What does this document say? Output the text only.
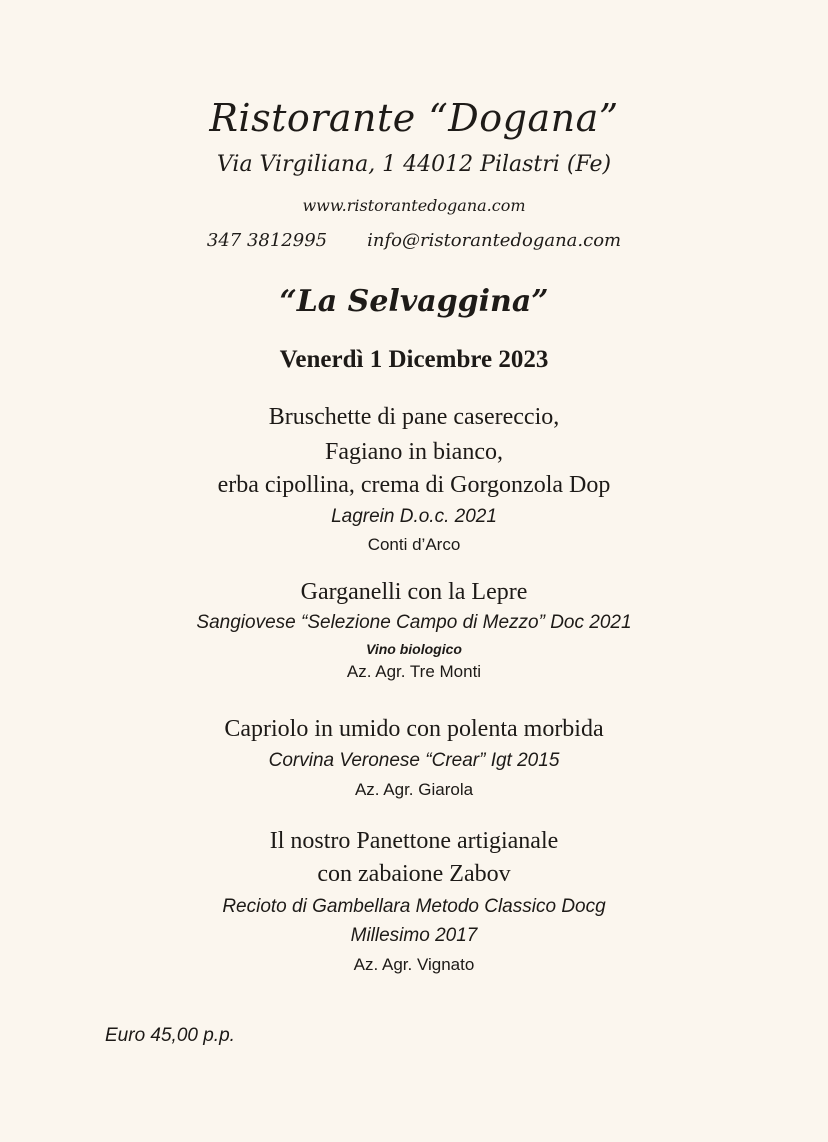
Ristorante “Dogana”
Via Virgiliana, 1 44012 Pilastri (Fe)
www.ristorantedogana.com
347 3812995 info@ristorantedogana.com
“La Selvaggina”
Venerdì 1 Dicembre 2023
Bruschette di pane casereccio,
Fagiano in bianco,
erba cipollina, crema di Gorgonzola Dop
Lagrein D.o.c. 2021
Conti d’Arco
Garganelli con la Lepre
Sangiovese “Selezione Campo di Mezzo” Doc 2021
Vino biologico
Az. Agr. Tre Monti
Capriolo in umido con polenta morbida
Corvina Veronese “Crear” Igt 2015
Az. Agr. Giarola
Il nostro Panettone artigianale
con zabaione Zabov
Recioto di Gambellara Metodo Classico Docg
Millesimo 2017
Az. Agr. Vignato
Euro 45,00 p.p.
